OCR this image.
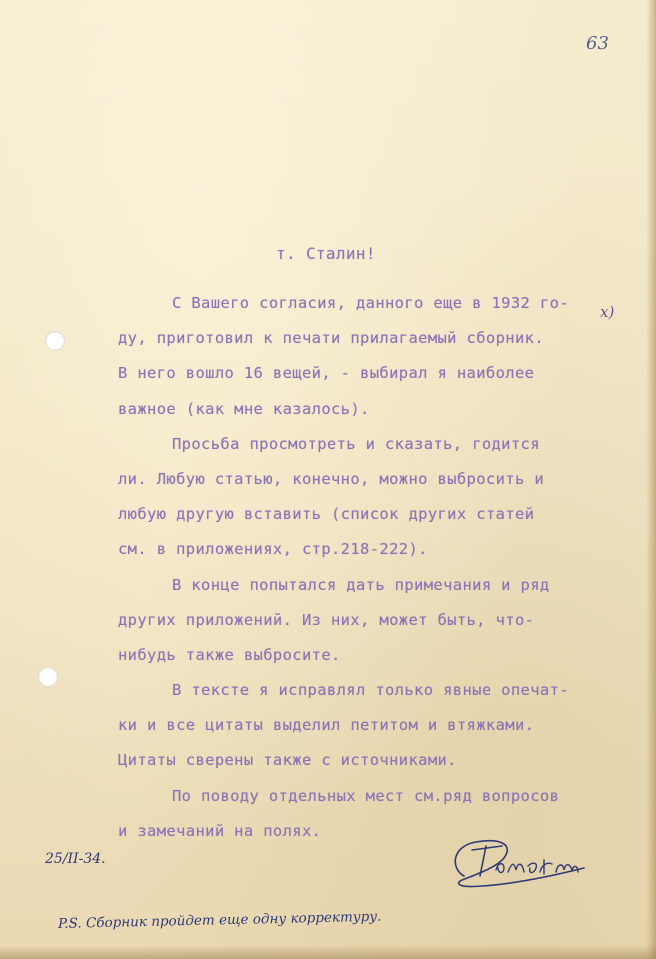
63
т. Сталин!
х)
С Вашего согласия, данного еще в 1932 го-
ду, приготовил к печати прилагаемый сборник.
В него вошло 16 вещей, - выбирал я наиболее
важное (как мне казалось).
Просьба просмотреть и сказать, годится
ли. Любую статью, конечно, можно выбросить и
любую другую вставить (список других статей
см. в приложениях, стр.218-222).
В конце попытался дать примечания и ряд
других приложений. Из них, может быть, что-
нибудь также выбросите.
В тексте я исправлял только явные опечат-
ки и все цитаты выделил петитом и втяжками.
Цитаты сверены также с источниками.
По поводу отдельных мест см.ряд вопросов
и замечаний на полях.
25/II-34.
P.S. Сборник пройдет еще одну корректуру.
